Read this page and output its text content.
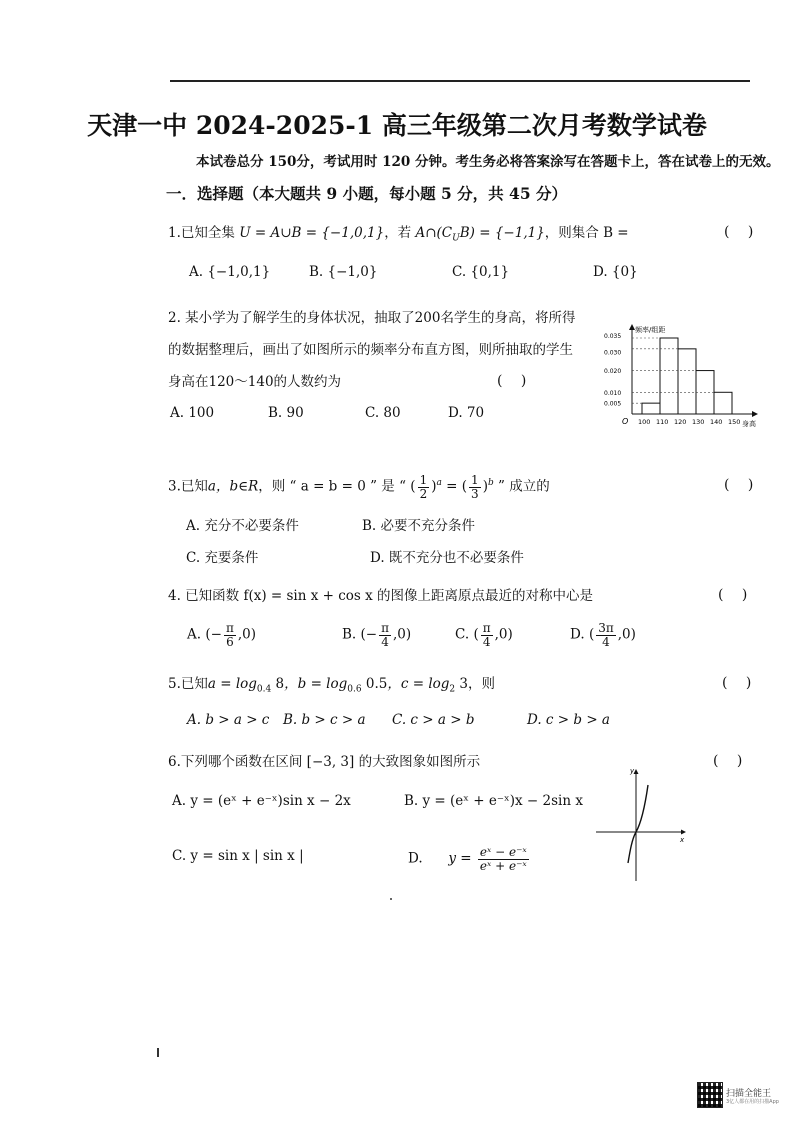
天津一中 2024-2025-1 高三年级第二次月考数学试卷
本试卷总分 150分，考试用时 120 分钟。考生务必将答案涂写在答题卡上，答在试卷上的无效。
一．选择题（本大题共 9 小题，每小题 5 分，共 45 分）
1.已知全集 U = A∪B = {−1,0,1}，若 $A\cap(C_UB) = \{-1,1\}$，则集合 B =	(　 )
A. {−1,0,1}	B. {−1,0}	C. {0,1}	D. {0}
2. 某小学为了解学生的身体状况，抽取了200名学生的身高，将所得
的数据整理后，画出了如图所示的频率分布直方图，则所抽取的学生
身高在120～140的人数约为	(　 )
A. 100	B. 90	C. 80	D. 70
频率/组距
身高
O
0.035
0.030
0.020
0.010
0.005
100 110 120 130 140 150
3.已知a，b∈R，则 “ a = b = 0 ” 是 “ ( $\frac{1}{2} )^a$ = ( $\frac{1}{3} )^b$ ” 成立的	(　 )
A. 充分不必要条件	B. 必要不充分条件
C. 充要条件	D. 既不充分也不必要条件
4. 已知函数 f(x) = sin x + cos x 的图像上距离原点最近的对称中心是	(　 )
A. (− $\frac{\pi}{6} ,0$)	B. (− $\frac{\pi}{4} ,0$)	C. ( $\frac{\pi}{4} ,0$)	D. ( $\frac{3\pi}{4} ,0$)
5.已知$a = \log_{0.4} 8$，$b = \log_{0.6} 0.5$，$c = \log_2 3$，则	(　 )
A. b > a > c B. b > c > a C. c > a > b	D. c > b > a
6.下列哪个函数在区间 [−3, 3] 的大致图象如图所示	(　 )
A. y = (eˣ + e⁻ˣ)sin x − 2x	B. y = (eˣ + e⁻ˣ)x − 2sin x
C. y = sin x | sin x |	D. $y = \frac{\text{eˣ − e⁻ˣ}}{\text{eˣ + e⁻ˣ}}$
x
y
扫描全能王
3亿人都在用的扫描App
